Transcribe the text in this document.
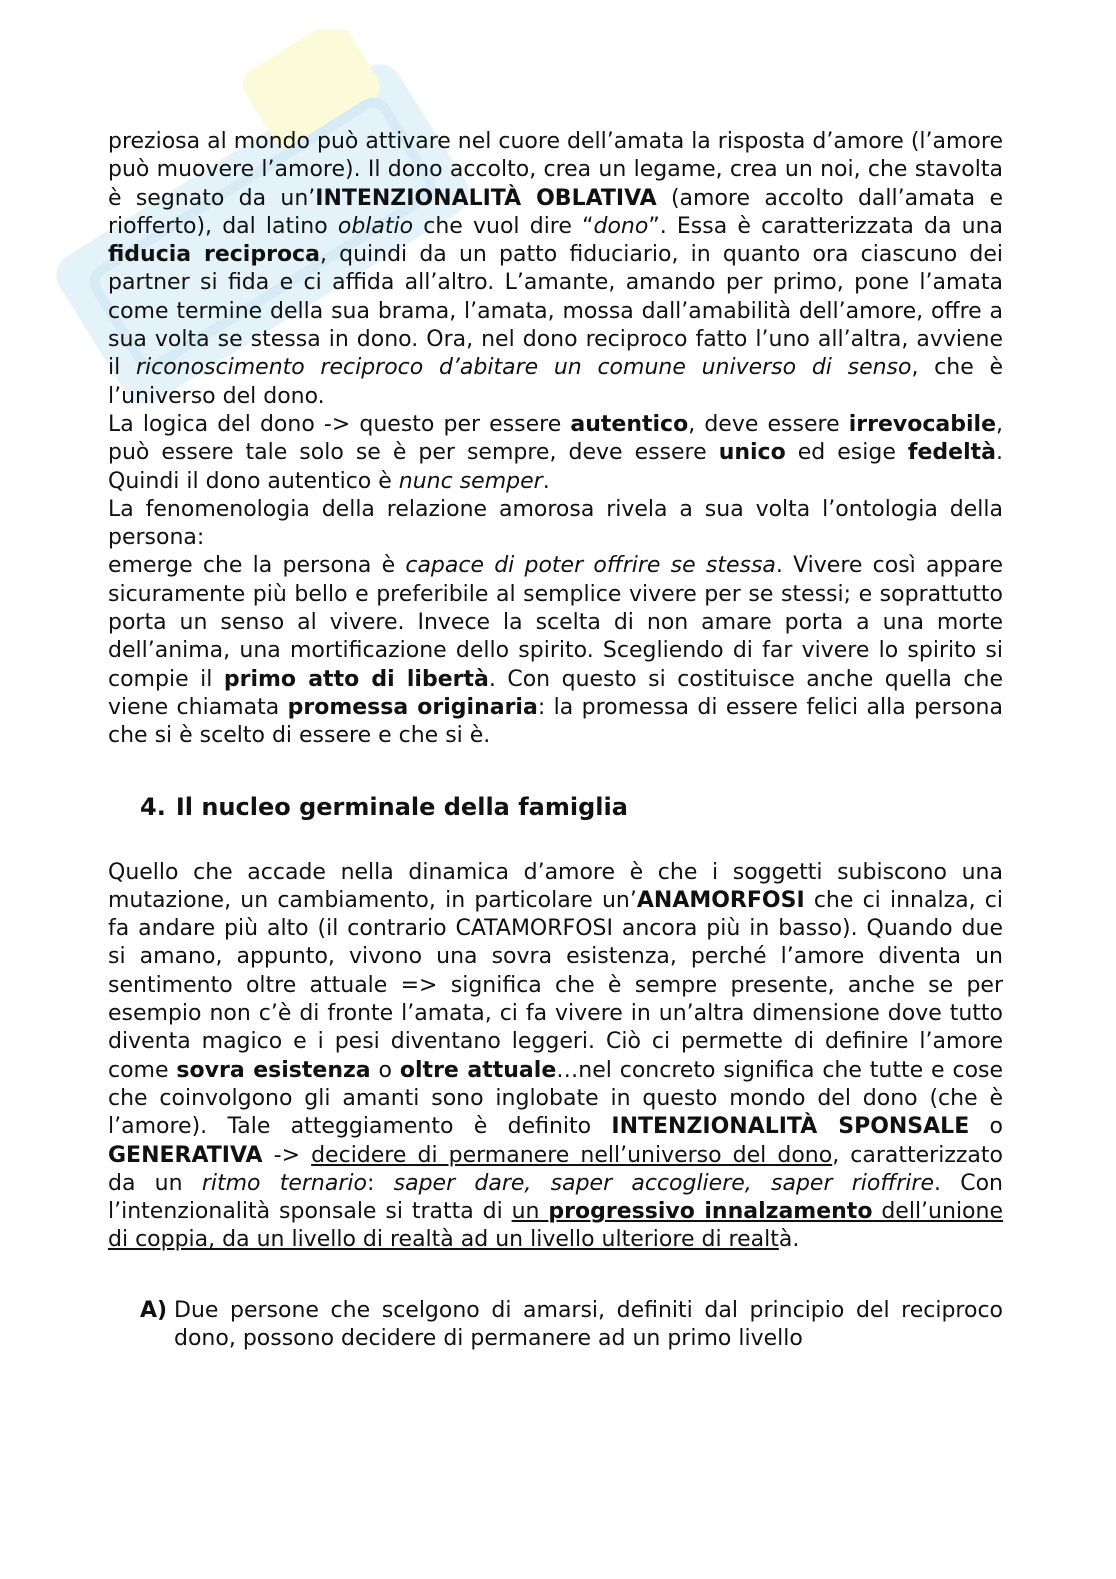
preziosa al mondo può attivare nel cuore dell’amata la risposta d’amore (l’amore può muovere l’amore). Il dono accolto, crea un legame, crea un noi, che stavolta è segnato da un’INTENZIONALITÀ OBLATIVA (amore accolto dall’amata e riofferto), dal latino oblatio che vuol dire “dono”. Essa è caratterizzata da una fiducia reciproca, quindi da un patto fiduciario, in quanto ora ciascuno dei partner si fida e ci affida all’altro. L’amante, amando per primo, pone l’amata come termine della sua brama, l’amata, mossa dall’amabilità dell’amore, offre a sua volta se stessa in dono. Ora, nel dono reciproco fatto l’uno all’altra, avviene il riconoscimento reciproco d’abitare un comune universo di senso, che è l’universo del dono.

La logica del dono -> questo per essere autentico, deve essere irrevocabile, può essere tale solo se è per sempre, deve essere unico ed esige fedeltà. Quindi il dono autentico è nunc semper.

La fenomenologia della relazione amorosa rivela a sua volta l’ontologia della persona:

emerge che la persona è capace di poter offrire se stessa. Vivere così appare sicuramente più bello e preferibile al semplice vivere per se stessi; e soprattutto porta un senso al vivere. Invece la scelta di non amare porta a una morte dell’anima, una mortificazione dello spirito. Scegliendo di far vivere lo spirito si compie il primo atto di libertà. Con questo si costituisce anche quella che viene chiamata promessa originaria: la promessa di essere felici alla persona che si è scelto di essere e che si è.

4. Il nucleo germinale della famiglia

Quello che accade nella dinamica d’amore è che i soggetti subiscono una mutazione, un cambiamento, in particolare un’ANAMORFOSI che ci innalza, ci fa andare più alto (il contrario CATAMORFOSI ancora più in basso). Quando due si amano, appunto, vivono una sovra esistenza, perché l’amore diventa un sentimento oltre attuale => significa che è sempre presente, anche se per esempio non c’è di fronte l’amata, ci fa vivere in un’altra dimensione dove tutto diventa magico e i pesi diventano leggeri. Ciò ci permette di definire l’amore come sovra esistenza o oltre attuale…nel concreto significa che tutte e cose che coinvolgono gli amanti sono inglobate in questo mondo del dono (che è l’amore). Tale atteggiamento è definito INTENZIONALITÀ SPONSALE o GENERATIVA -> decidere di permanere nell’universo del dono, caratterizzato da un ritmo ternario: saper dare, saper accogliere, saper rioffrire. Con l’intenzionalità sponsale si tratta di un progressivo innalzamento dell’unione di coppia, da un livello di realtà ad un livello ulteriore di realtà.

A) Due persone che scelgono di amarsi, definiti dal principio del reciproco dono, possono decidere di permanere ad un primo livello
